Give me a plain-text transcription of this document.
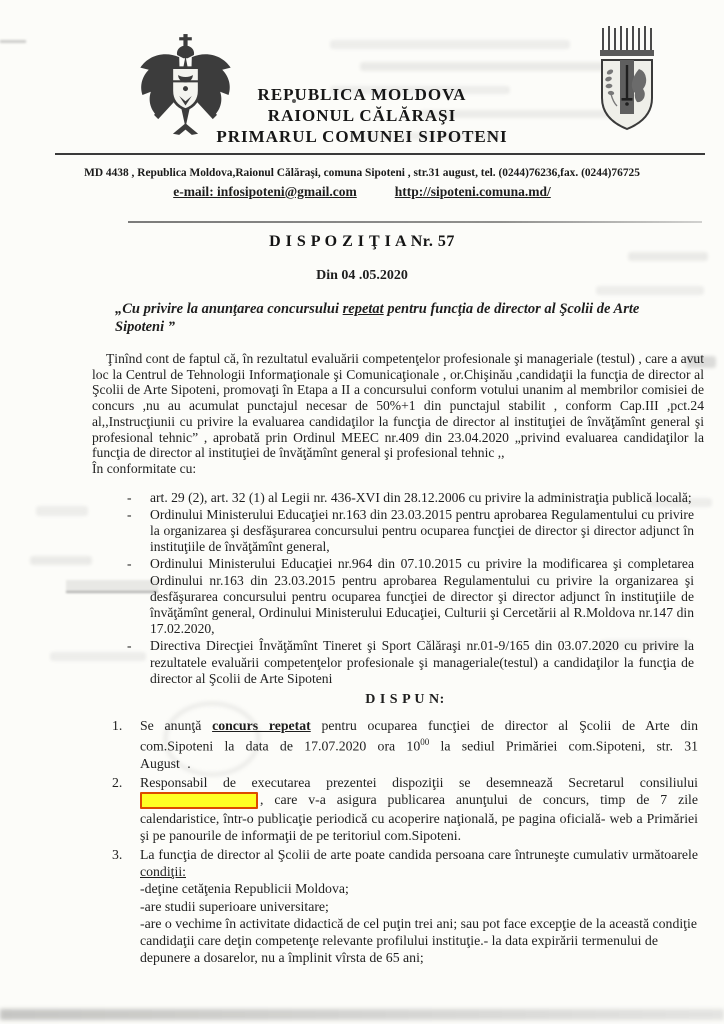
REPUBLICA MOLDOVA
RAIONUL CĂLĂRAŞI
PRIMARUL COMUNEI SIPOTENI
MD 4438 , Republica Moldova,Raionul Călăraşi, comuna Sipoteni , str.31 august, tel. (0244)76236,fax. (0244)76725
e-mail: infosipoteni@gmail.com	http://sipoteni.comuna.md/
D I S P O Z I Ţ I A Nr. 57
Din 04 .05.2020
„Cu privire la anunţarea concursului repetat pentru funcţia de director al Şcolii de Arte Sipoteni ”

Ţinînd cont de faptul că, în rezultatul evaluării competenţelor profesionale şi manageriale (testul) , care a avut loc la Centrul de Tehnologii Informaţionale şi Comunicaţionale , or.Chişinău ,candidaţii la funcţia de director al Şcolii de Arte Sipoteni, promovaţi în Etapa a II a concursului conform votului unanim al membrilor comisiei de concurs ,nu au acumulat punctajul necesar de 50%+1 din punctajul stabilit , conform Cap.III ,pct.24 al,,Instrucţiunii cu privire la evaluarea candidaţilor la funcţia de director al instituţiei de învăţămînt general şi profesional tehnic” , aprobată prin Ordinul MEEC nr.409 din 23.04.2020 „privind evaluarea candidaţilor la funcţia de director al instituţiei de învăţămînt general şi profesional tehnic ,,

În conformitate cu:

- art. 29 (2), art. 32 (1) al Legii nr. 436-XVI din 28.12.2006 cu privire la administraţia publică locală;
- Ordinului Ministerului Educaţiei nr.163 din 23.03.2015 pentru aprobarea Regulamentului cu privire la organizarea şi desfăşurarea concursului pentru ocuparea funcţiei de director şi director adjunct în instituţiile de învăţămînt general,
- Ordinului Ministerului Educaţiei nr.964 din 07.10.2015 cu privire la modificarea şi completarea Ordinului nr.163 din 23.03.2015 pentru aprobarea Regulamentului cu privire la organizarea şi desfăşurarea concursului pentru ocuparea funcţiei de director şi director adjunct în instituţiile de învăţămînt general, Ordinului Ministerului Educaţiei, Culturii şi Cercetării al R.Moldova nr.147 din 17.02.2020,
- Directiva Direcţiei Învăţămînt Tineret şi Sport Călăraşi nr.01-9/165 din 03.07.2020 cu privire la rezultatele evaluării competenţelor profesionale şi manageriale(testul) a candidaţilor la funcţia de director al Şcolii de Arte Sipoteni
D I S P U N:
Se anunţă concurs repetat pentru ocuparea funcţiei de director al Şcolii de Arte din com.Sipoteni la data de 17.07.2020 ora $10^{00}$ la sediul Primăriei com.Sipoteni, str. 31 August .
Responsabil de executarea prezentei dispoziţii se desemnează Secretarul consiliului , care v-a asigura publicarea anunţului de concurs, timp de 7 zile calendaristice, într-o publicaţie periodică cu acoperire naţională, pe pagina oficială- web a Primăriei şi pe panourile de informaţii de pe teritoriul com.Sipoteni.
La funcţia de director al Şcolii de arte poate candida persoana care întruneşte cumulativ următoarele condiţii:
-deţine cetăţenia Republicii Moldova;
-are studii superioare universitare;
-are o vechime în activitate didactică de cel puţin trei ani; sau pot face excepţie de la această condiţie candidaţii care deţin competenţe relevante profilului instituţie.- la data expirării termenului de depunere a dosarelor, nu a împlinit vîrsta de 65 ani;
